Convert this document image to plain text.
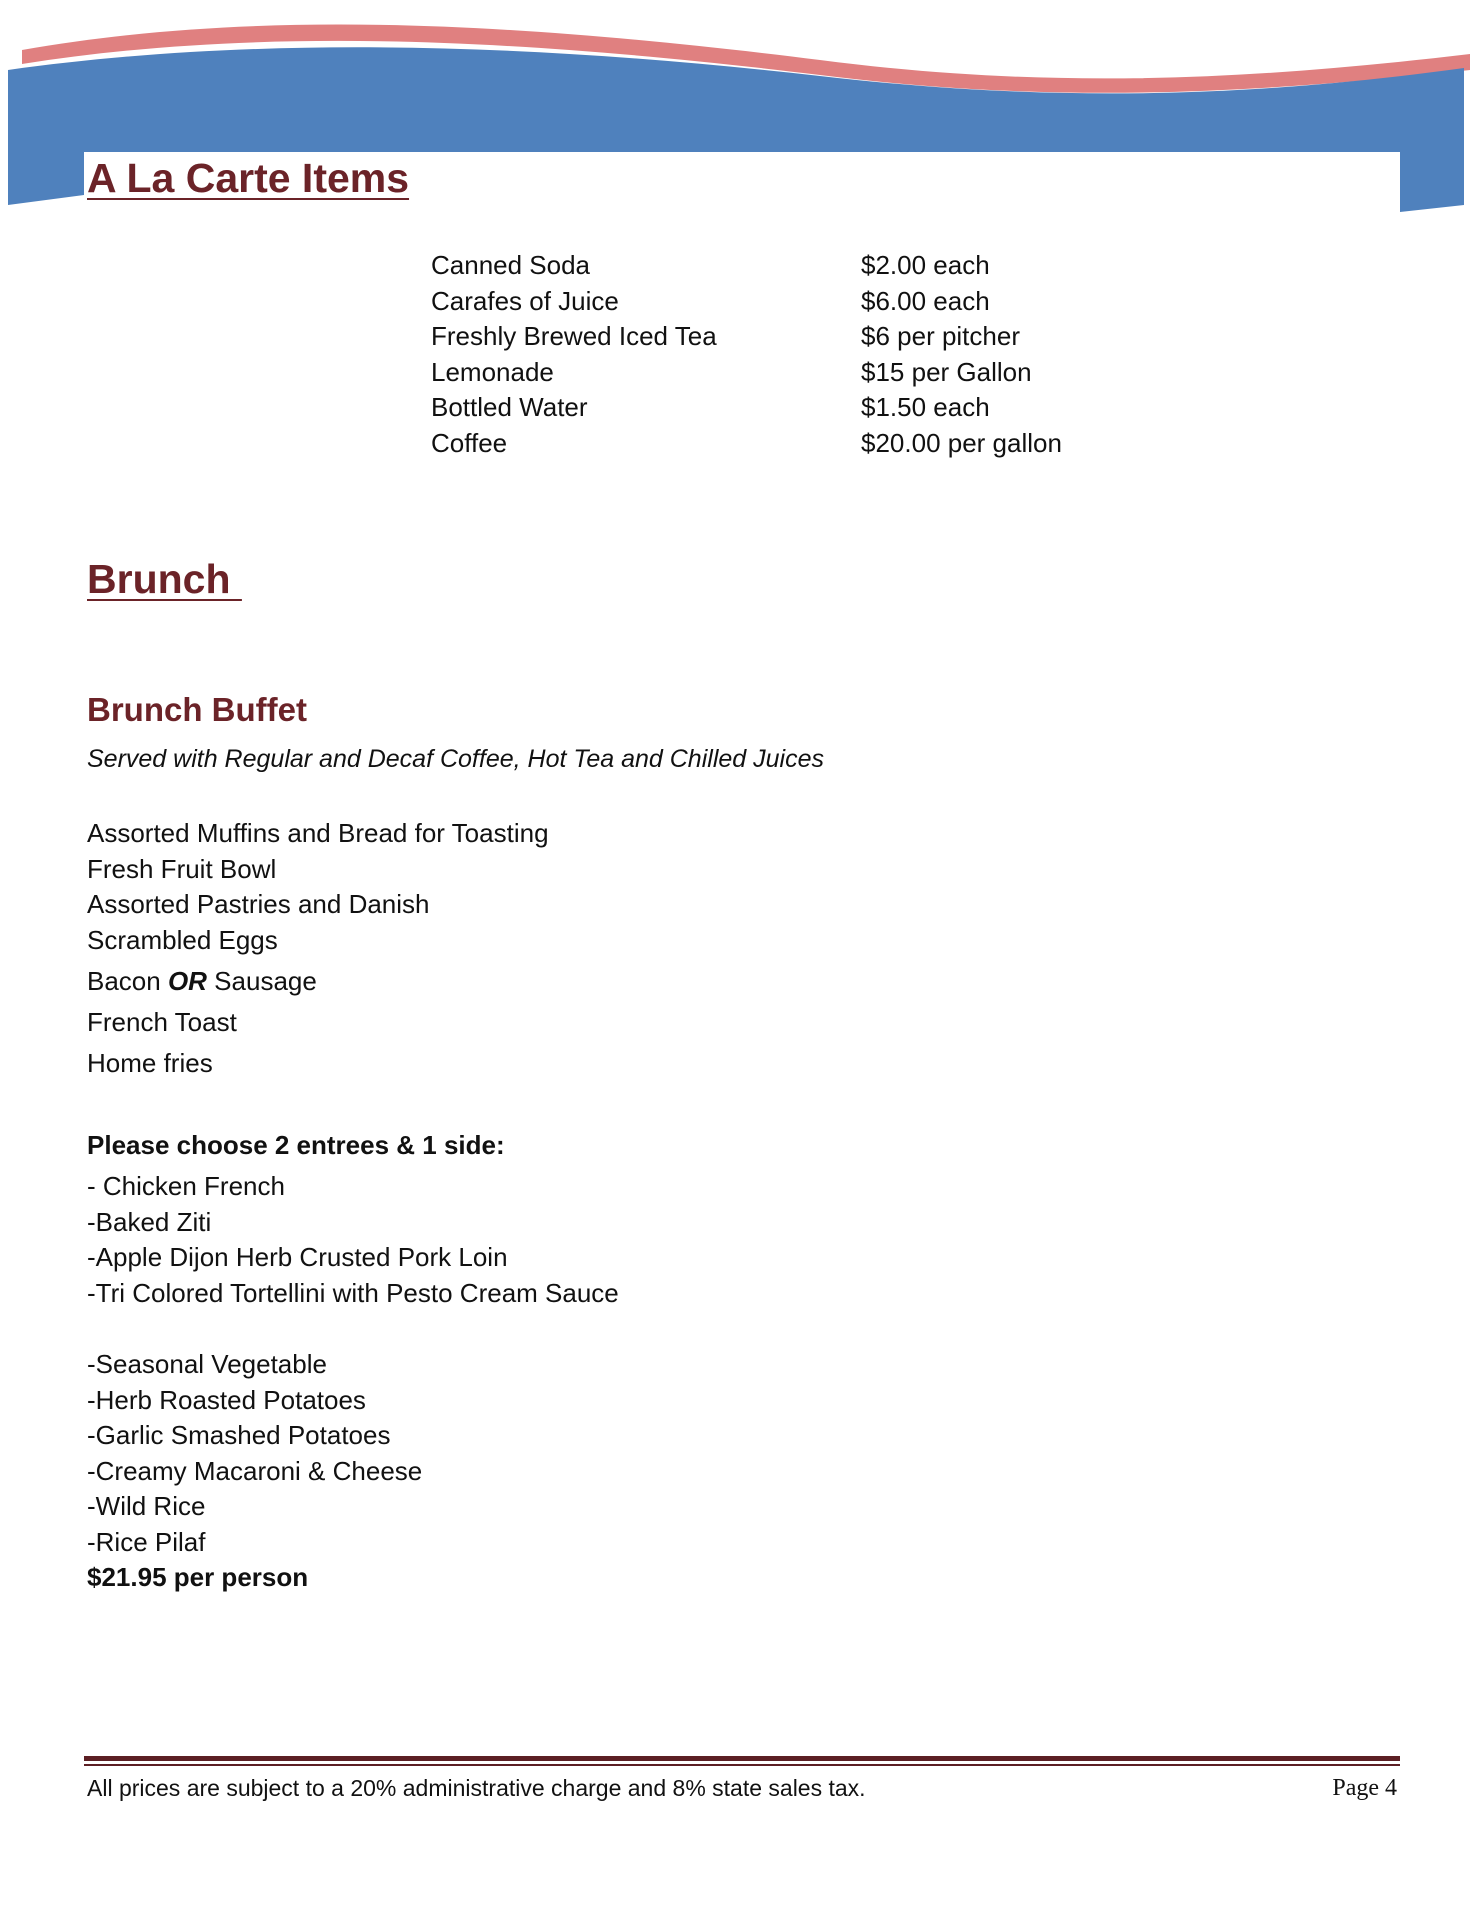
A La Carte Items
Canned Soda	$2.00 each
Carafes of Juice	$6.00 each
Freshly Brewed Iced Tea	$6 per pitcher
Lemonade	$15 per Gallon
Bottled Water	$1.50 each
Coffee	$20.00 per gallon
Brunch
Brunch Buffet

Served with Regular and Decaf Coffee, Hot Tea and Chilled Juices

Assorted Muffins and Bread for Toasting
Fresh Fruit Bowl
Assorted Pastries and Danish
Scrambled Eggs
Bacon OR Sausage
French Toast
Home fries
Please choose 2 entrees & 1 side:
- Chicken French
-Baked Ziti
-Apple Dijon Herb Crusted Pork Loin
-Tri Colored Tortellini with Pesto Cream Sauce
-Seasonal Vegetable
-Herb Roasted Potatoes
-Garlic Smashed Potatoes
-Creamy Macaroni & Cheese
-Wild Rice
-Rice Pilaf
$21.95 per person
All prices are subject to a 20% administrative charge and 8% state sales tax.	Page 4
